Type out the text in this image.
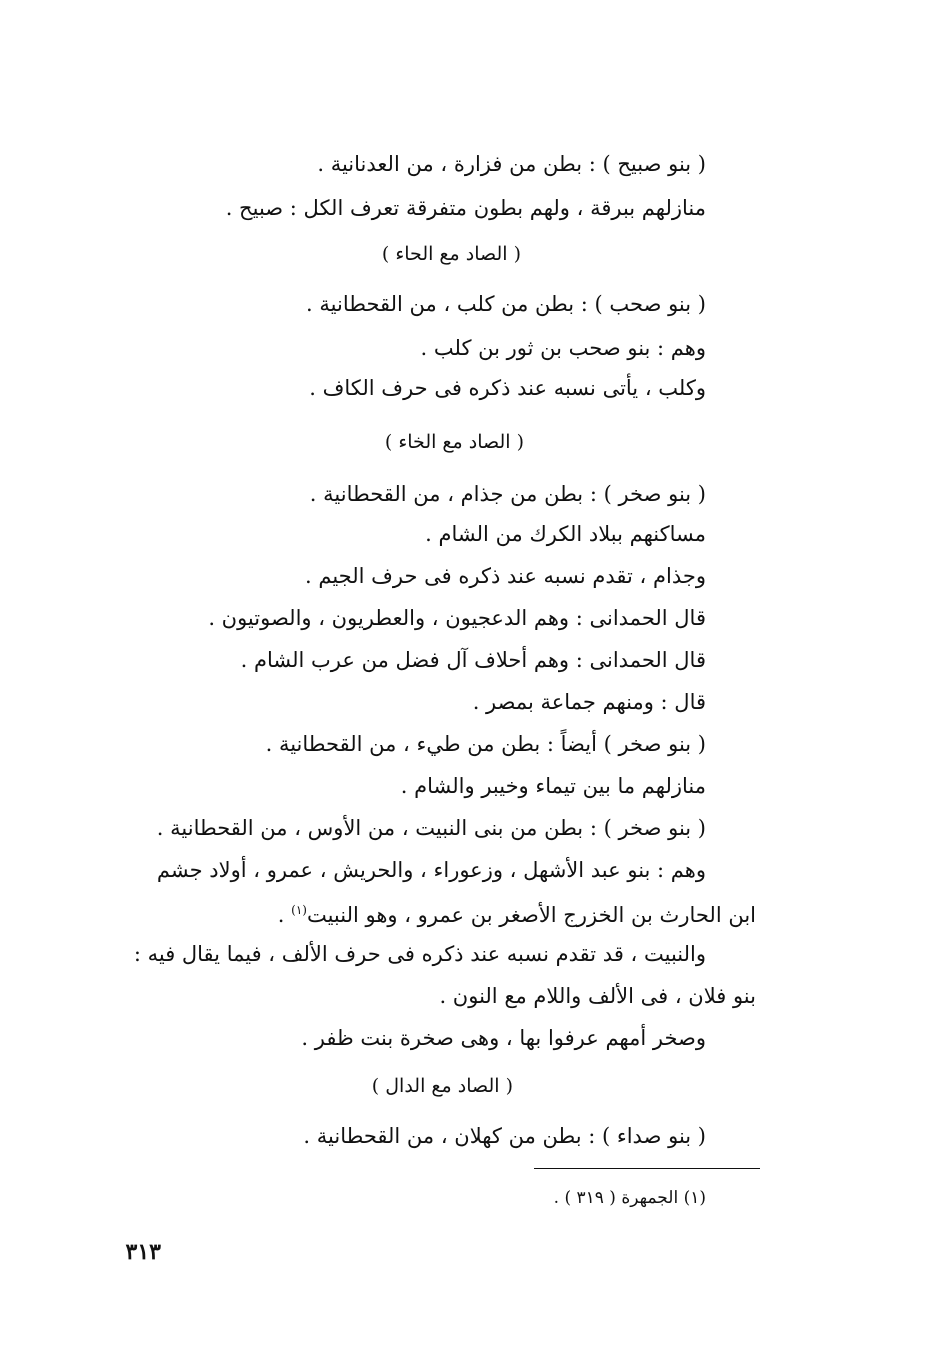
( بنو صبيح ) : بطن من فزارة ، من العدنانية .
منازلهم ببرقة ، ولهم بطون متفرقة تعرف الكل : صبيح .
( الصاد مع الحاء )
( بنو صحب ) : بطن من كلب ، من القحطانية .
وهم : بنو صحب بن ثور بن كلب .
وكلب ، يأتى نسبه عند ذكره فى حرف الكاف .
( الصاد مع الخاء )
( بنو صخر ) : بطن من جذام ، من القحطانية .
مساكنهم ببلاد الكرك من الشام .
وجذام ، تقدم نسبه عند ذكره فى حرف الجيم .
قال الحمدانى : وهم الدعجيون ، والعطريون ، والصوتيون .
قال الحمدانى : وهم أحلاف آل فضل من عرب الشام .
قال : ومنهم جماعة بمصر .
( بنو صخر ) أيضاً : بطن من طيء ، من القحطانية .
منازلهم ما بين تيماء وخيبر والشام .
( بنو صخر ) : بطن من بنى النبيت ، من الأوس ، من القحطانية .
وهم : بنو عبد الأشهل ، وزعوراء ، والحريش ، عمرو ، أولاد جشم
ابن الحارث بن الخزرج الأصغر بن عمرو ، وهو النبيت$^{(١)}$ .
والنبيت ، قد تقدم نسبه عند ذكره فى حرف الألف ، فيما يقال فيه :
بنو فلان ، فى الألف واللام مع النون .
وصخر أمهم عرفوا بها ، وهى صخرة بنت ظفر .
( الصاد مع الدال )
( بنو صداء ) : بطن من كهلان ، من القحطانية .
(١) الجمهرة ( ٣١٩ ) .
٣١٣
